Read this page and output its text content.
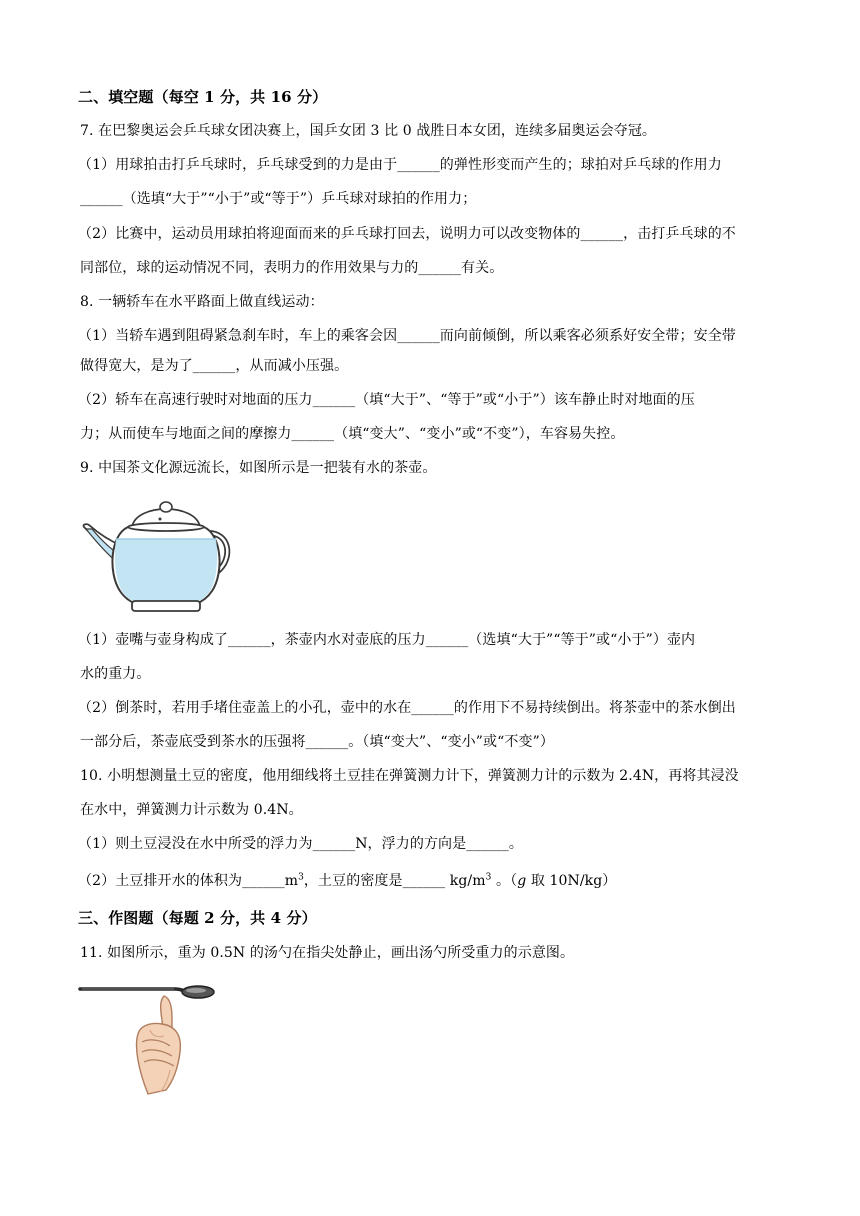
二、填空题（每空 1 分，共 16 分）
7. 在巴黎奥运会乒乓球女团决赛上，国乒女团 3 比 0 战胜日本女团，连续多届奥运会夺冠。
（1）用球拍击打乒乓球时，乒乓球受到的力是由于______的弹性形变而产生的；球拍对乒乓球的作用力
______（选填“大于”“小于”或“等于”）乒乓球对球拍的作用力；
（2）比赛中，运动员用球拍将迎面而来的乒乓球打回去，说明力可以改变物体的______，击打乒乓球的不
同部位，球的运动情况不同，表明力的作用效果与力的______有关。
8. 一辆轿车在水平路面上做直线运动：
（1）当轿车遇到阻碍紧急刹车时，车上的乘客会因______而向前倾倒，所以乘客必须系好安全带；安全带
做得宽大，是为了______，从而减小压强。
（2）轿车在高速行驶时对地面的压力______（填“大于”、“等于”或“小于”）该车静止时对地面的压
力；从而使车与地面之间的摩擦力______（填“变大”、“变小”或“不变”），车容易失控。
9. 中国茶文化源远流长，如图所示是一把装有水的茶壶。
（1）壶嘴与壶身构成了______，茶壶内水对壶底的压力______（选填“大于”“等于”或“小于”）壶内
水的重力。
（2）倒茶时，若用手堵住壶盖上的小孔，壶中的水在______的作用下不易持续倒出。将茶壶中的茶水倒出
一部分后，茶壶底受到茶水的压强将______。（填“变大”、“变小”或“不变”）
10. 小明想测量土豆的密度，他用细线将土豆挂在弹簧测力计下，弹簧测力计的示数为 2.4N，再将其浸没
在水中，弹簧测力计示数为 0.4N。
（1）则土豆浸没在水中所受的浮力为______N，浮力的方向是______。
（2）土豆排开水的体积为$\_\_\_\_\_\_m^3$，土豆的密度是______ $kg/m^3$ 。（g 取 10N/kg）
三、作图题（每题 2 分，共 4 分）
11. 如图所示，重为 0.5N 的汤勺在指尖处静止，画出汤勺所受重力的示意图。
